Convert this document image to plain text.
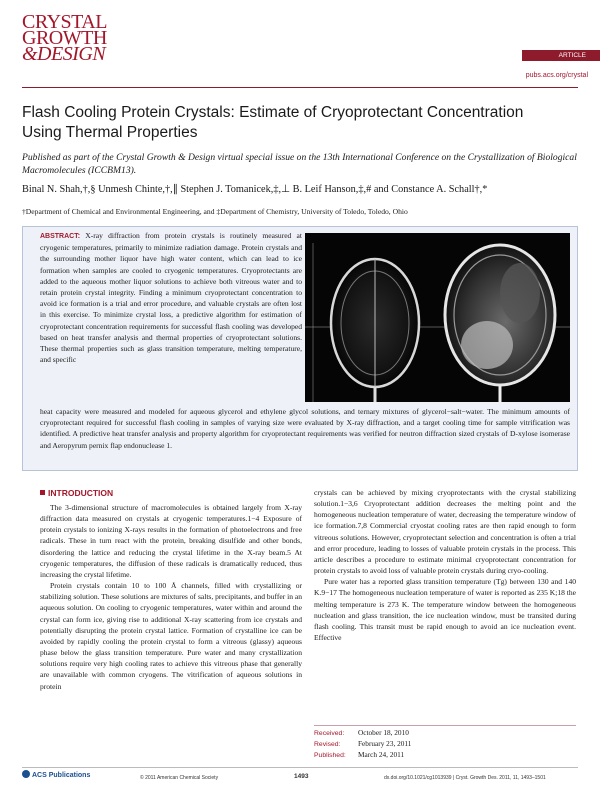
CRYSTAL
GROWTH
&DESIGN	ARTICLE
pubs.acs.org/crystal
Flash Cooling Protein Crystals: Estimate of Cryoprotectant Concentration Using Thermal Properties
Published as part of the Crystal Growth & Design virtual special issue on the 13th International Conference on the Crystallization of Biological Macromolecules (ICCBM13).
Binal N. Shah,†,§ Unmesh Chinte,†,∥ Stephen J. Tomanicek,‡,⊥ B. Leif Hanson,‡,# and Constance A. Schall†,*
†Department of Chemical and Environmental Engineering, and ‡Department of Chemistry, University of Toledo, Toledo, Ohio
ABSTRACT: X-ray diffraction from protein crystals is routinely measured at cryogenic temperatures, primarily to minimize radiation damage. Protein crystals and the surrounding mother liquor have high water content, which can lead to ice formation when samples are cooled to cryogenic temperatures. Cryoprotectants are added to the aqueous mother liquor solutions to achieve both vitreous water and to retain protein crystal integrity. Finding a minimum cryoprotectant concentration to avoid ice formation is a trial and error procedure, and valuable crystals are often lost in this exercise. To minimize crystal loss, a predictive algorithm for estimation of cryoprotectant concentration requirements for successful flash cooling was developed based on heat transfer analysis and thermal properties of cryoprotectant solutions. These thermal properties such as glass transition temperature, melting temperature, and specific
heat capacity were measured and modeled for aqueous glycerol and ethylene glycol solutions, and ternary mixtures of glycerol−salt−water. The minimum amounts of cryoprotectant required for successful flash cooling in samples of varying size were evaluated by X-ray diffraction, and a target cooling time for sample vitrification was identified. A predictive heat transfer analysis and property algorithm for cryoprotectant requirements was verified for neutron diffraction sized crystals of D-xylose isomerase and Aeropyrum pernix flap endonuclease 1.
INTRODUCTION

The 3-dimensional structure of macromolecules is obtained largely from X-ray diffraction data measured on crystals at cryogenic temperatures.1−4 Exposure of protein crystals to ionizing X-rays results in the formation of photoelectrons and free radicals. These in turn react with the protein, breaking disulfide and other bonds, disordering the lattice and reducing the crystal lifetime in the X-ray beam.5 At cryogenic temperatures, the diffusion of these radicals is dramatically reduced, thus increasing the crystal lifetime.

Protein crystals contain 10 to 100 Å channels, filled with crystallizing or stabilizing solution. These solutions are mixtures of salts, precipitants, and buffer in an aqueous solution. On cooling to cryogenic temperatures, water within and around the crystal can form ice, giving rise to additional X-ray scattering from ice crystals and potentially disrupting the protein crystal lattice. Formation of crystalline ice can be avoided by rapidly cooling the protein crystal to form a vitreous (glassy) aqueous phase below the glass transition temperature. Pure water and many crystallization solutions require very high cooling rates to achieve this vitreous phase that generally are unavailable with common cryogens. The vitrification of aqueous solutions in protein

crystals can be achieved by mixing cryoprotectants with the crystal stabilizing solution.1−3,6 Cryoprotectant addition decreases the melting point and the homogeneous nucleation temperature of water, decreasing the temperature window of ice formation.7,8 Commercial cryostat cooling rates are then rapid enough to form vitreous solutions. However, cryoprotectant selection and concentration is often a trial and error procedure, leading to losses of valuable protein crystals in the process. This article describes a procedure to estimate minimal cryoprotectant concentration for protein crystals to avoid loss of valuable protein crystals during cryo-cooling.

Pure water has a reported glass transition temperature (Tg) between 130 and 140 K.9−17 The homogeneous nucleation temperature of water is reported as 235 K;18 the melting temperature is 273 K. The temperature window between the homogeneous nucleation and glass transition, the ice nucleation window, must be transited during flash cooling. This transit must be rapid enough to avoid an ice nucleation event. Effective

Received: October 18, 2010
Revised: February 23, 2011
Published: March 24, 2011
ACS Publications	© 2011 American Chemical Society	1493	dx.doi.org/10.1021/cg1013939 | Cryst. Growth Des. 2011, 11, 1493–1501
